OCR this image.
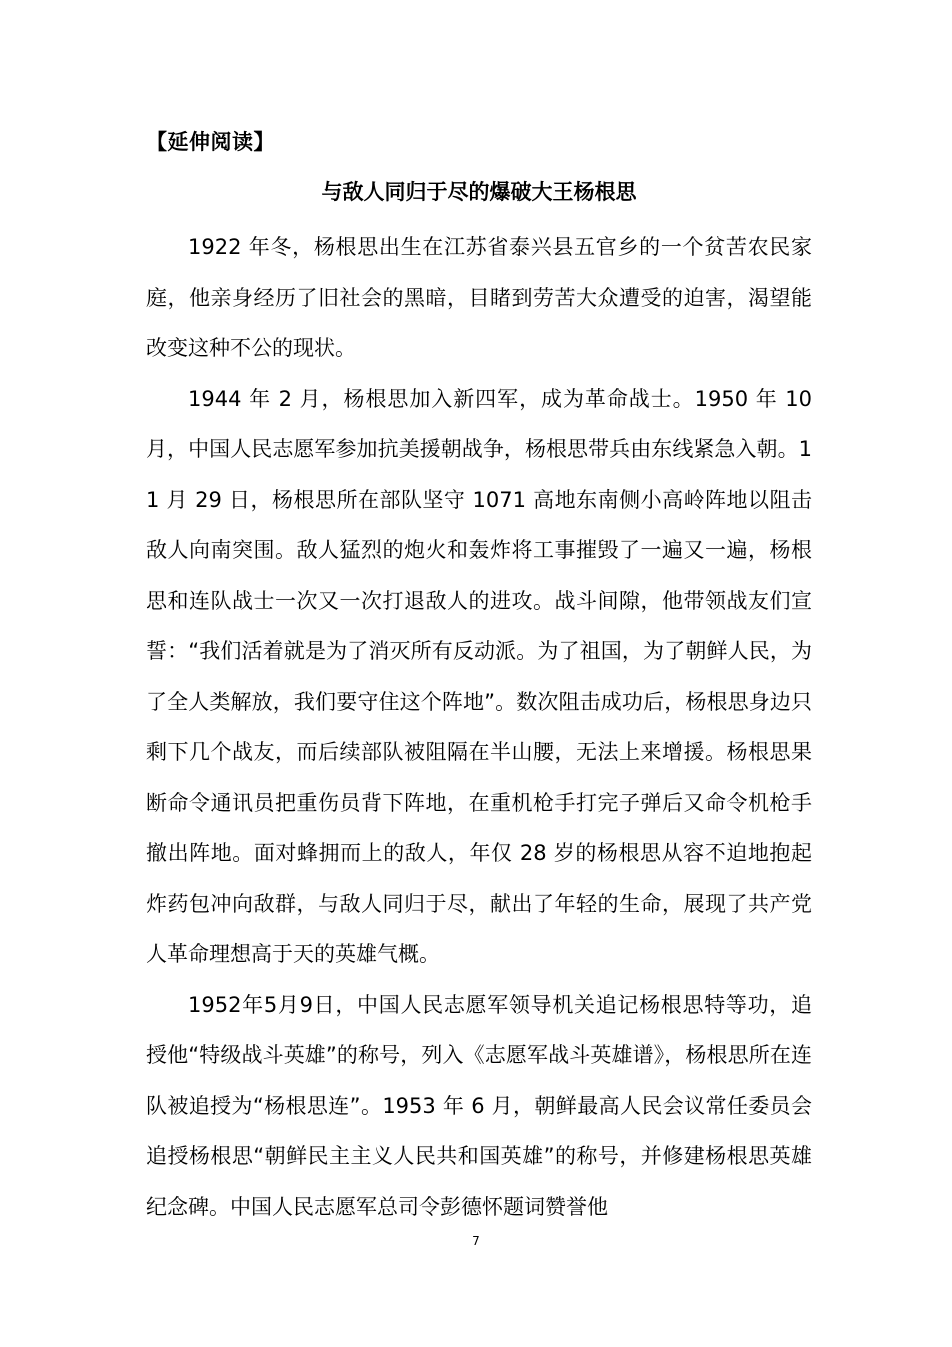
【延伸阅读】

与敌人同归于尽的爆破大王杨根思

1922 年冬，杨根思出生在江苏省泰兴县五官乡的一个贫苦农民家庭，他亲身经历了旧社会的黑暗，目睹到劳苦大众遭受的迫害，渴望能改变这种不公的现状。

1944 年 2 月，杨根思加入新四军，成为革命战士。1950 年 10 月，中国人民志愿军参加抗美援朝战争，杨根思带兵由东线紧急入朝。11 月 29 日，杨根思所在部队坚守 1071 高地东南侧小高岭阵地以阻击敌人向南突围。敌人猛烈的炮火和轰炸将工事摧毁了一遍又一遍，杨根思和连队战士一次又一次打退敌人的进攻。战斗间隙，他带领战友们宣誓：“我们活着就是为了消灭所有反动派。为了祖国，为了朝鲜人民，为了全人类解放，我们要守住这个阵地”。数次阻击成功后，杨根思身边只剩下几个战友，而后续部队被阻隔在半山腰，无法上来增援。杨根思果断命令通讯员把重伤员背下阵地，在重机枪手打完子弹后又命令机枪手撤出阵地。面对蜂拥而上的敌人，年仅 28 岁的杨根思从容不迫地抱起炸药包冲向敌群，与敌人同归于尽，献出了年轻的生命，展现了共产党人革命理想高于天的英雄气概。

1952年5月9日，中国人民志愿军领导机关追记杨根思特等功，追授他“特级战斗英雄”的称号，列入《志愿军战斗英雄谱》，杨根思所在连队被追授为“杨根思连”。1953 年 6 月，朝鲜最高人民会议常任委员会追授杨根思“朝鲜民主主义人民共和国英雄”的称号，并修建杨根思英雄纪念碑。中国人民志愿军总司令彭德怀题词赞誉他

7
